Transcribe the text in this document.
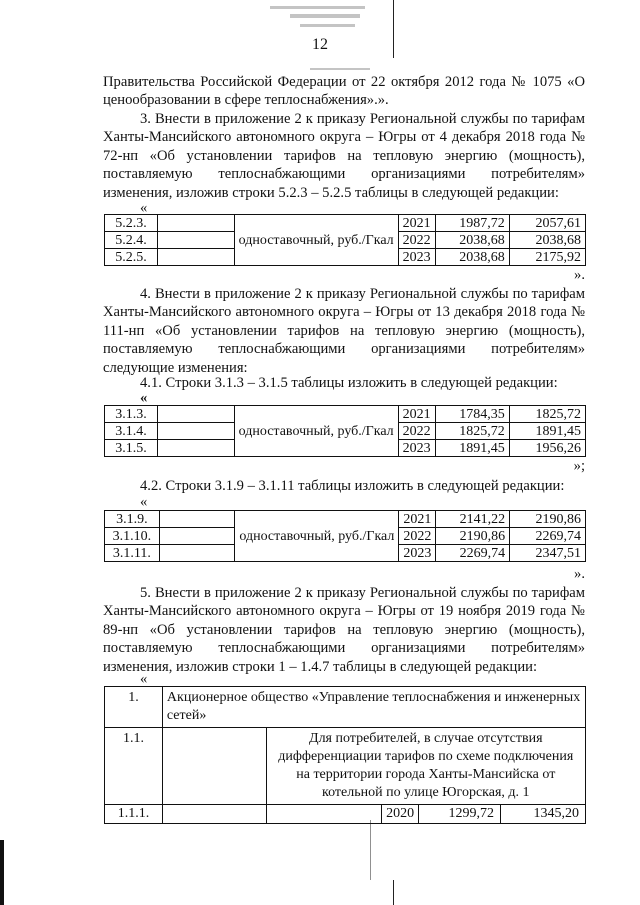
12
Правительства Российской Федерации от 22 октября 2012 года № 1075 «О ценообразовании в сфере теплоснабжения».».
3. Внести в приложение 2 к приказу Региональной службы по тарифам Ханты-Мансийского автономного округа – Югры от 4 декабря 2018 года № 72-нп «Об установлении тарифов на тепловую энергию (мощность), поставляемую теплоснабжающими организациями потребителям» изменения, изложив строки 5.2.3 – 5.2.5 таблицы в следующей редакции:
«
5.2.3.		одноставочный, руб./Гкал	2021	1987,72	2057,61
5.2.4.			2022	2038,68	2038,68
5.2.5.			2023	2038,68	2175,92
».
4. Внести в приложение 2 к приказу Региональной службы по тарифам Ханты-Мансийского автономного округа – Югры от 13 декабря 2018 года № 111-нп «Об установлении тарифов на тепловую энергию (мощность), поставляемую теплоснабжающими организациями потребителям» следующие изменения:
4.1. Строки 3.1.3 – 3.1.5 таблицы изложить в следующей редакции:
«
3.1.3.		одноставочный, руб./Гкал	2021	1784,35	1825,72
3.1.4.			2022	1825,72	1891,45
3.1.5.			2023	1891,45	1956,26
»;
4.2. Строки 3.1.9 – 3.1.11 таблицы изложить в следующей редакции:
«
3.1.9.		одноставочный, руб./Гкал	2021	2141,22	2190,86
3.1.10.			2022	2190,86	2269,74
3.1.11.			2023	2269,74	2347,51
».
5. Внести в приложение 2 к приказу Региональной службы по тарифам Ханты-Мансийского автономного округа – Югры от 19 ноября 2019 года № 89-нп «Об установлении тарифов на тепловую энергию (мощность), поставляемую теплоснабжающими организациями потребителям» изменения, изложив строки 1 – 1.4.7 таблицы в следующей редакции:
«
1.	Акционерное общество «Управление теплоснабжения и инженерных сетей»				
1.1.		Для потребителей, в случае отсутствия дифференциации тарифов по схеме подключения на территории города Ханты-Мансийска от котельной по улице Югорская, д. 1			
1.1.1.			2020	1299,72	1345,20
